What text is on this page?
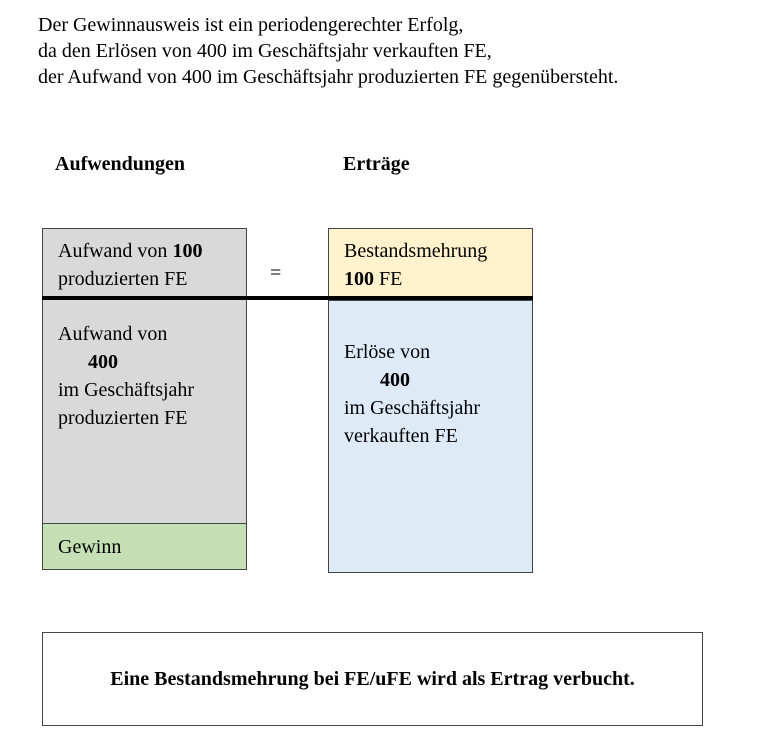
Der Gewinnausweis ist ein periodengerechter Erfolg,
da den Erlösen von 400 im Geschäftsjahr verkauften FE,
der Aufwand von 400 im Geschäftsjahr produzierten FE gegenübersteht.
Aufwendungen	Erträge
Aufwand von 100
produzierten FE
Aufwand von
400
im Geschäftsjahr
produzierten FE
Gewinn
=
Bestandsmehrung
100 FE
Erlöse von
400
im Geschäftsjahr
verkauften FE
Eine Bestandsmehrung bei FE/uFE wird als Ertrag verbucht.
